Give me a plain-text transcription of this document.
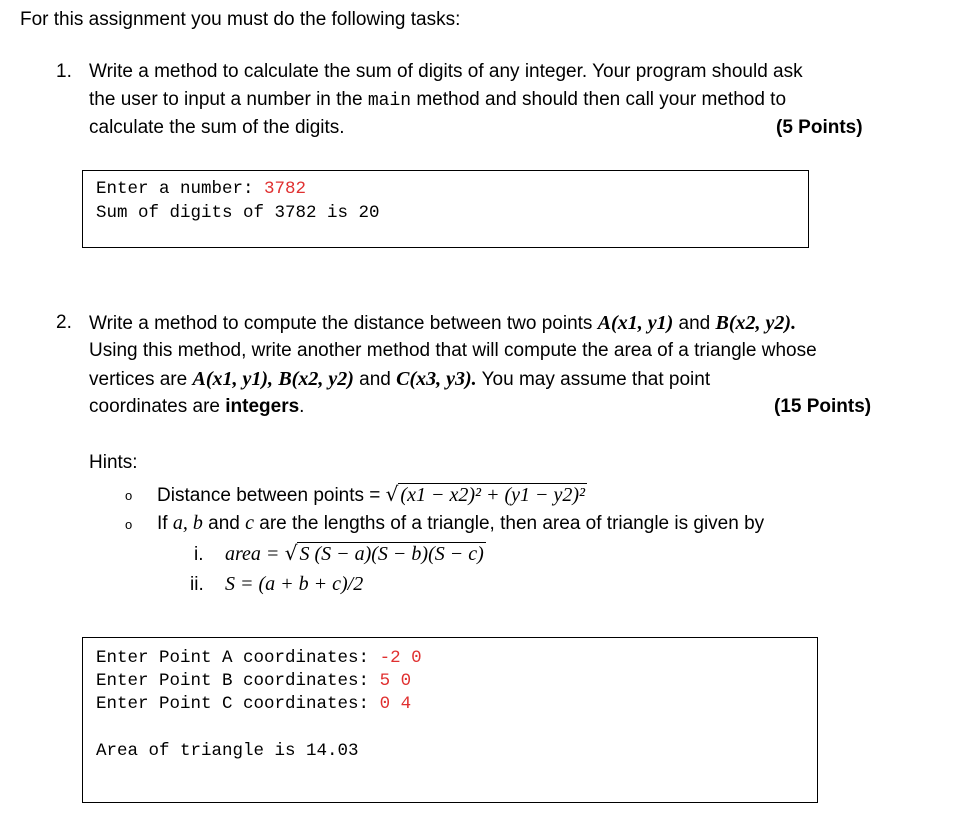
For this assignment you must do the following tasks:
1. Write a method to calculate the sum of digits of any integer. Your program should ask
the user to input a number in the main method and should then call your method to
calculate the sum of the digits.	(5 Points)
Enter a number: 3782
Sum of digits of 3782 is 20
2. Write a method to compute the distance between two points A(x1, y1) and B(x2, y2).
Using this method, write another method that will compute the area of a triangle whose
vertices are A(x1, y1), B(x2, y2) and C(x3, y3). You may assume that point
coordinates are integers.	(15 Points)
Hints:
o Distance between points = √ (x1 − x2)² + (y1 − y2)²
o If a, b and c are the lengths of a triangle, then area of triangle is given by
i. area = √ S (S − a)(S − b)(S − c)
ii. S = (a + b + c)/2
Enter Point A coordinates: -2 0
Enter Point B coordinates: 5 0
Enter Point C coordinates: 0 4
Area of triangle is 14.03
